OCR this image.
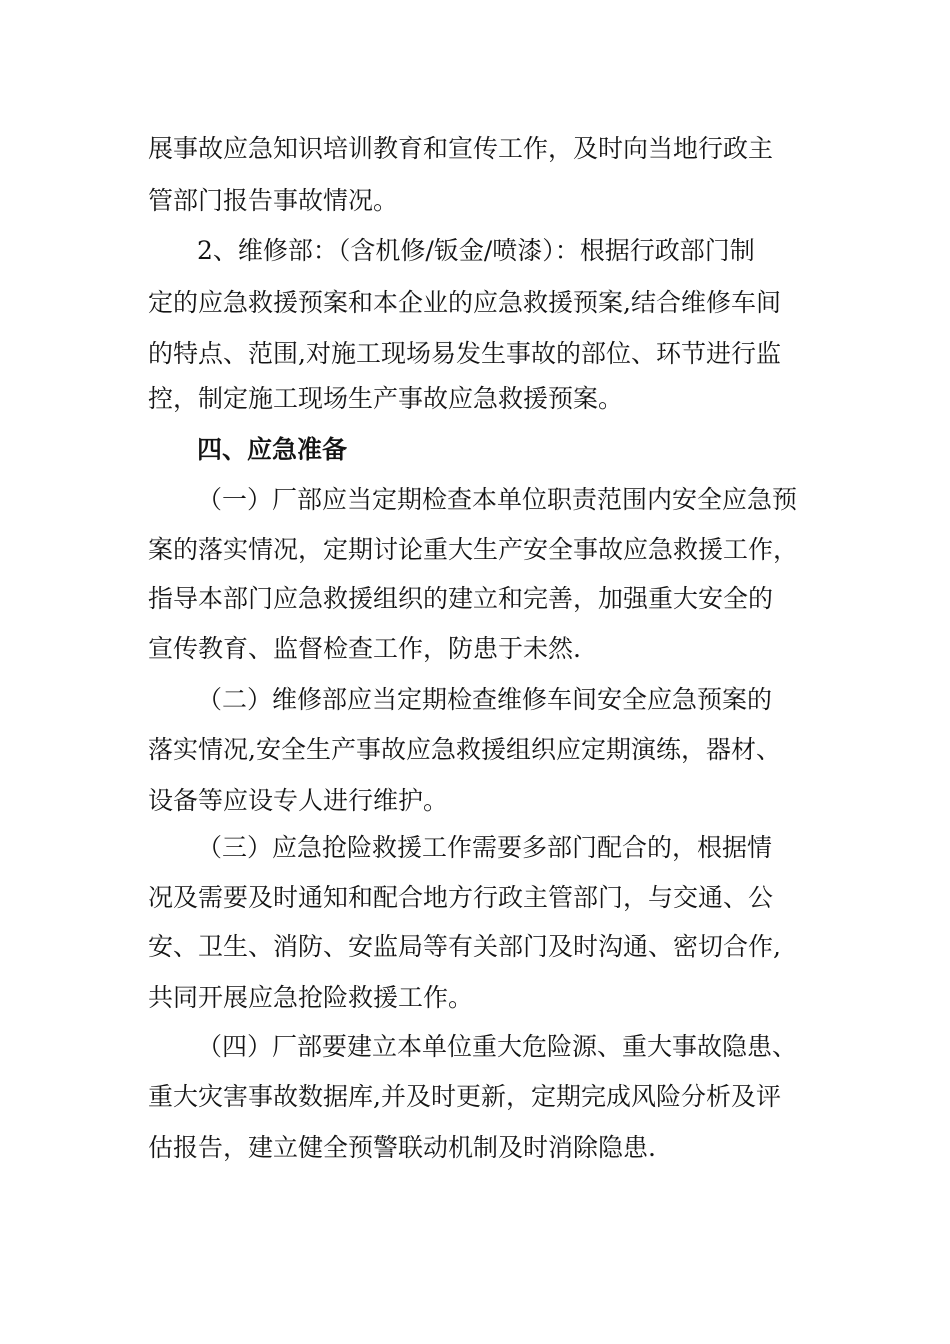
展事故应急知识培训教育和宣传工作，及时向当地行政主
管部门报告事故情况。
2、维修部：（含机修/钣金/喷漆）：根据行政部门制
定的应急救援预案和本企业的应急救援预案,结合维修车间
的特点、范围,对施工现场易发生事故的部位、环节进行监
控，制定施工现场生产事故应急救援预案。
四、应急准备
（一）厂部应当定期检查本单位职责范围内安全应急预
案的落实情况，定期讨论重大生产安全事故应急救援工作，
指导本部门应急救援组织的建立和完善，加强重大安全的
宣传教育、监督检查工作，防患于未然.
（二）维修部应当定期检查维修车间安全应急预案的
落实情况,安全生产事故应急救援组织应定期演练，器材、
设备等应设专人进行维护。
（三）应急抢险救援工作需要多部门配合的，根据情
况及需要及时通知和配合地方行政主管部门，与交通、公
安、卫生、消防、安监局等有关部门及时沟通、密切合作,
共同开展应急抢险救援工作。
（四）厂部要建立本单位重大危险源、重大事故隐患、
重大灾害事故数据库,并及时更新，定期完成风险分析及评
估报告，建立健全预警联动机制及时消除隐患.
